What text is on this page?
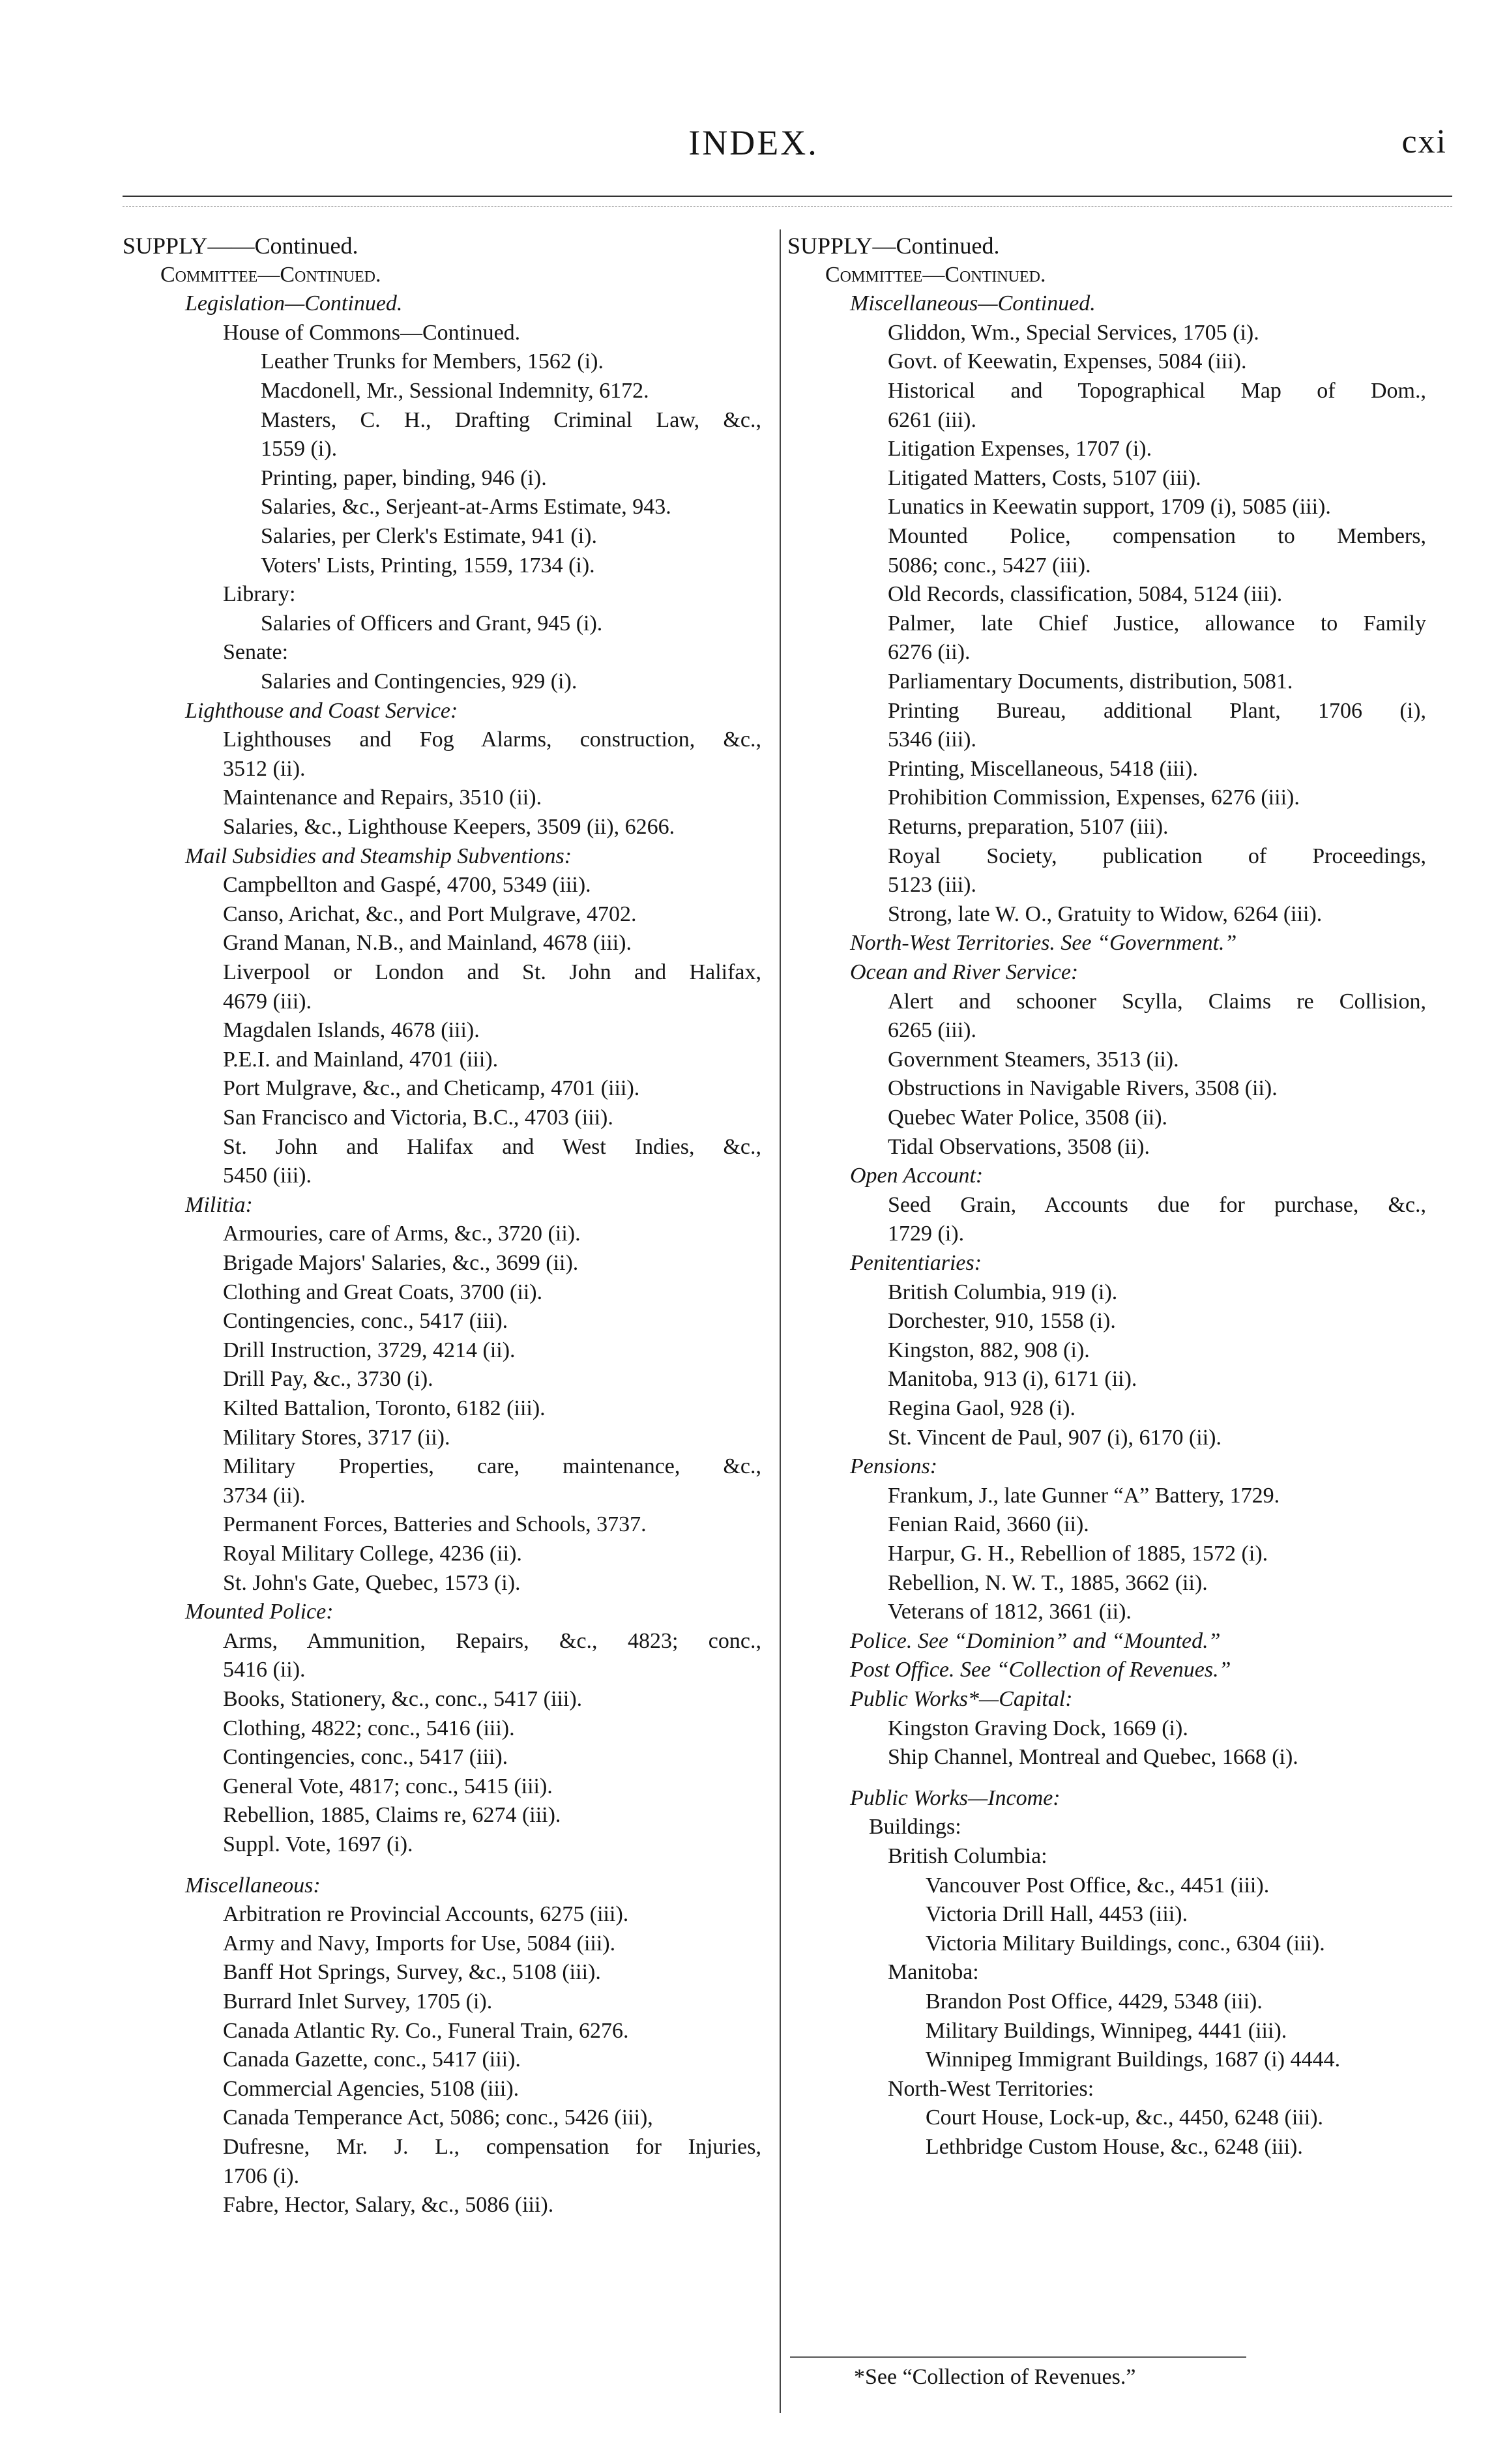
INDEX.	cxi
SUPPLY——Continued.
Committee—Continued.
Legislation—Continued.
House of Commons—Continued.
Leather Trunks for Members, 1562 (i).
Macdonell, Mr., Sessional Indemnity, 6172.
Masters, C. H., Drafting Criminal Law, &c.,
1559 (i).
Printing, paper, binding, 946 (i).
Salaries, &c., Serjeant-at-Arms Estimate, 943.
Salaries, per Clerk's Estimate, 941 (i).
Voters' Lists, Printing, 1559, 1734 (i).
Library:
Salaries of Officers and Grant, 945 (i).
Senate:
Salaries and Contingencies, 929 (i).
Lighthouse and Coast Service:
Lighthouses and Fog Alarms, construction, &c.,
3512 (ii).
Maintenance and Repairs, 3510 (ii).
Salaries, &c., Lighthouse Keepers, 3509 (ii), 6266.
Mail Subsidies and Steamship Subventions:
Campbellton and Gaspé, 4700, 5349 (iii).
Canso, Arichat, &c., and Port Mulgrave, 4702.
Grand Manan, N.B., and Mainland, 4678 (iii).
Liverpool or London and St. John and Halifax,
4679 (iii).
Magdalen Islands, 4678 (iii).
P.E.I. and Mainland, 4701 (iii).
Port Mulgrave, &c., and Cheticamp, 4701 (iii).
San Francisco and Victoria, B.C., 4703 (iii).
St. John and Halifax and West Indies, &c.,
5450 (iii).
Militia:
Armouries, care of Arms, &c., 3720 (ii).
Brigade Majors' Salaries, &c., 3699 (ii).
Clothing and Great Coats, 3700 (ii).
Contingencies, conc., 5417 (iii).
Drill Instruction, 3729, 4214 (ii).
Drill Pay, &c., 3730 (i).
Kilted Battalion, Toronto, 6182 (iii).
Military Stores, 3717 (ii).
Military Properties, care, maintenance, &c.,
3734 (ii).
Permanent Forces, Batteries and Schools, 3737.
Royal Military College, 4236 (ii).
St. John's Gate, Quebec, 1573 (i).
Mounted Police:
Arms, Ammunition, Repairs, &c., 4823; conc.,
5416 (ii).
Books, Stationery, &c., conc., 5417 (iii).
Clothing, 4822; conc., 5416 (iii).
Contingencies, conc., 5417 (iii).
General Vote, 4817; conc., 5415 (iii).
Rebellion, 1885, Claims re, 6274 (iii).
Suppl. Vote, 1697 (i).
Miscellaneous:
Arbitration re Provincial Accounts, 6275 (iii).
Army and Navy, Imports for Use, 5084 (iii).
Banff Hot Springs, Survey, &c., 5108 (iii).
Burrard Inlet Survey, 1705 (i).
Canada Atlantic Ry. Co., Funeral Train, 6276.
Canada Gazette, conc., 5417 (iii).
Commercial Agencies, 5108 (iii).
Canada Temperance Act, 5086; conc., 5426 (iii),
Dufresne, Mr. J. L., compensation for Injuries,
1706 (i).
Fabre, Hector, Salary, &c., 5086 (iii).
SUPPLY—Continued.
Committee—Continued.
Miscellaneous—Continued.
Gliddon, Wm., Special Services, 1705 (i).
Govt. of Keewatin, Expenses, 5084 (iii).
Historical and Topographical Map of Dom.,
6261 (iii).
Litigation Expenses, 1707 (i).
Litigated Matters, Costs, 5107 (iii).
Lunatics in Keewatin support, 1709 (i), 5085 (iii).
Mounted Police, compensation to Members,
5086; conc., 5427 (iii).
Old Records, classification, 5084, 5124 (iii).
Palmer, late Chief Justice, allowance to Family
6276 (ii).
Parliamentary Documents, distribution, 5081.
Printing Bureau, additional Plant, 1706 (i),
5346 (iii).
Printing, Miscellaneous, 5418 (iii).
Prohibition Commission, Expenses, 6276 (iii).
Returns, preparation, 5107 (iii).
Royal Society, publication of Proceedings,
5123 (iii).
Strong, late W. O., Gratuity to Widow, 6264 (iii).
North-West Territories. See “Government.”
Ocean and River Service:
Alert and schooner Scylla, Claims re Collision,
6265 (iii).
Government Steamers, 3513 (ii).
Obstructions in Navigable Rivers, 3508 (ii).
Quebec Water Police, 3508 (ii).
Tidal Observations, 3508 (ii).
Open Account:
Seed Grain, Accounts due for purchase, &c.,
1729 (i).
Penitentiaries:
British Columbia, 919 (i).
Dorchester, 910, 1558 (i).
Kingston, 882, 908 (i).
Manitoba, 913 (i), 6171 (ii).
Regina Gaol, 928 (i).
St. Vincent de Paul, 907 (i), 6170 (ii).
Pensions:
Frankum, J., late Gunner “A” Battery, 1729.
Fenian Raid, 3660 (ii).
Harpur, G. H., Rebellion of 1885, 1572 (i).
Rebellion, N. W. T., 1885, 3662 (ii).
Veterans of 1812, 3661 (ii).
Police. See “Dominion” and “Mounted.”
Post Office. See “Collection of Revenues.”
Public Works*—Capital:
Kingston Graving Dock, 1669 (i).
Ship Channel, Montreal and Quebec, 1668 (i).
Public Works—Income:
Buildings:
British Columbia:
Vancouver Post Office, &c., 4451 (iii).
Victoria Drill Hall, 4453 (iii).
Victoria Military Buildings, conc., 6304 (iii).
Manitoba:
Brandon Post Office, 4429, 5348 (iii).
Military Buildings, Winnipeg, 4441 (iii).
Winnipeg Immigrant Buildings, 1687 (i) 4444.
North-West Territories:
Court House, Lock-up, &c., 4450, 6248 (iii).
Lethbridge Custom House, &c., 6248 (iii).
*See “Collection of Revenues.”
